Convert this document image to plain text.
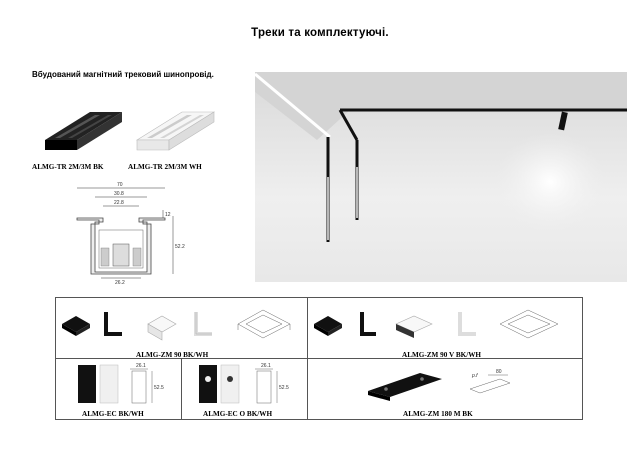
Треки та комплектуючі.
Вбудований магнітний трековий шинопровід.
ALMG-TR 2M/3M BK	ALMG-TR 2M/3M WH
70
30.8
22.8
12
52.2
26.2
ALMG-ZM 90 BK/WH	ALMG-ZM 90 V BK/WH
26.1
52.5
ALMG-EC BK/WH
26.1
52.5
ALMG-EC O BK/WH
80
p.f
ALMG-ZM 180 M BK
